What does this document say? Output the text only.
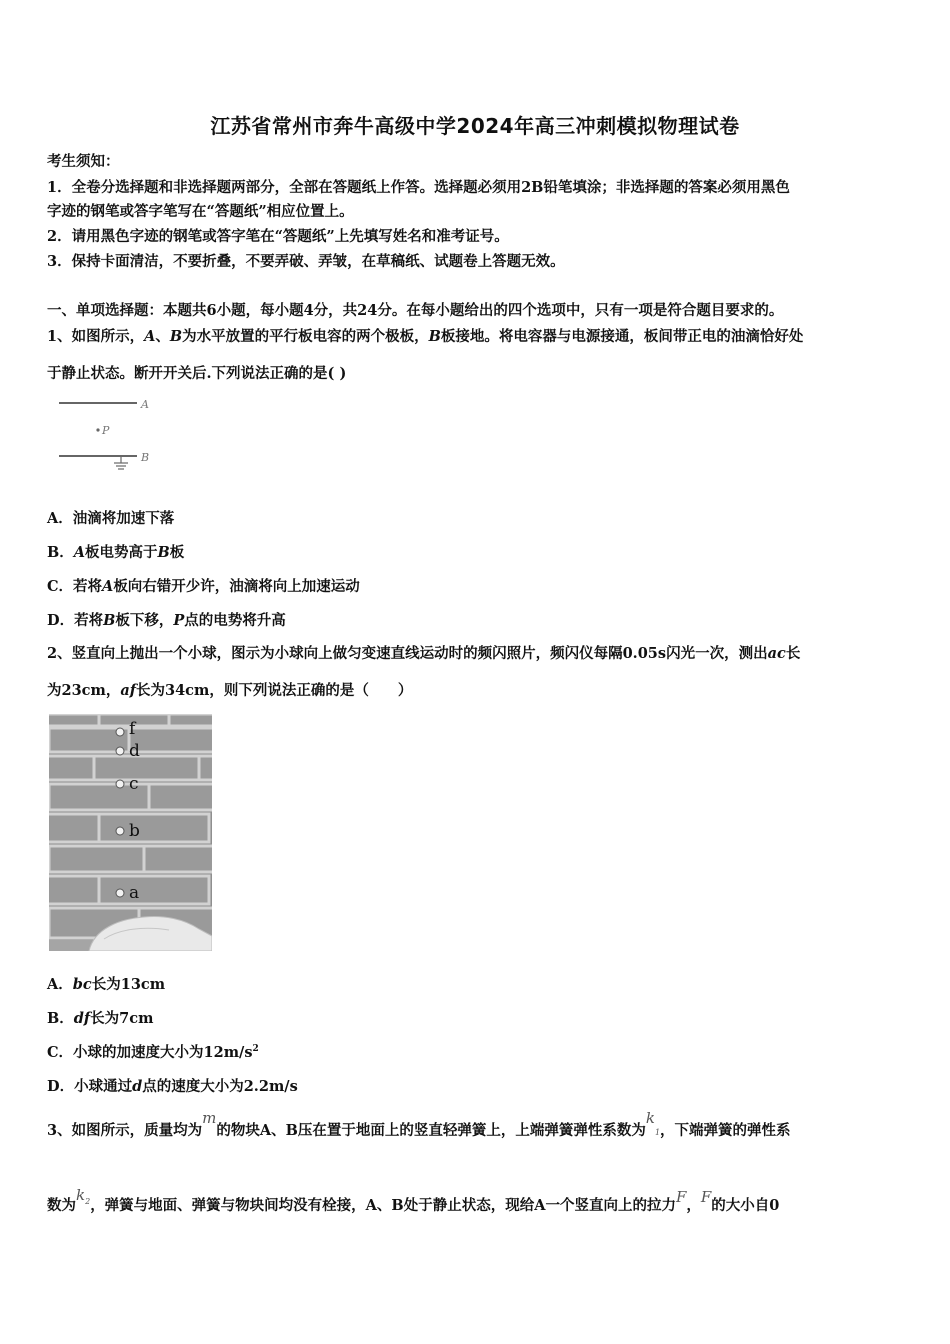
江苏省常州市奔牛高级中学2024年高三冲刺模拟物理试卷
考生须知：
1．全卷分选择题和非选择题两部分，全部在答题纸上作答。选择题必须用2B铅笔填涂；非选择题的答案必须用黑色
字迹的钢笔或答字笔写在“答题纸”相应位置上。
2．请用黑色字迹的钢笔或答字笔在“答题纸”上先填写姓名和准考证号。
3．保持卡面清洁，不要折叠，不要弄破、弄皱，在草稿纸、试题卷上答题无效。
一、单项选择题：本题共6小题，每小题4分，共24分。在每小题给出的四个选项中，只有一项是符合题目要求的。
1、如图所示，A、B为水平放置的平行板电容的两个极板，B板接地。将电容器与电源接通，板间带正电的油滴恰好处
于静止状态。断开开关后.下列说法正确的是( )
A
P
B
A．油滴将加速下落
B．A板电势高于B板
C．若将A板向右错开少许，油滴将向上加速运动
D．若将B板下移，P点的电势将升高
2、竖直向上抛出一个小球，图示为小球向上做匀变速直线运动时的频闪照片，频闪仪每隔0.05s闪光一次，测出ac长
为23cm，af长为34cm，则下列说法正确的是（　　）
f
d
c
b
a
A．bc长为13cm
B．df长为7cm
C．小球的加速度大小为$12m/s^2$
D．小球通过d点的速度大小为2.2m/s
3、如图所示，质量均为m的物块A、B压在置于地面上的竖直轻弹簧上，上端弹簧弹性系数为k1，下端弹簧的弹性系
数为$k^2$，弹簧与地面、弹簧与物块间均没有栓接，A、B处于静止状态，现给A一个竖直向上的拉力F，F的大小自0
